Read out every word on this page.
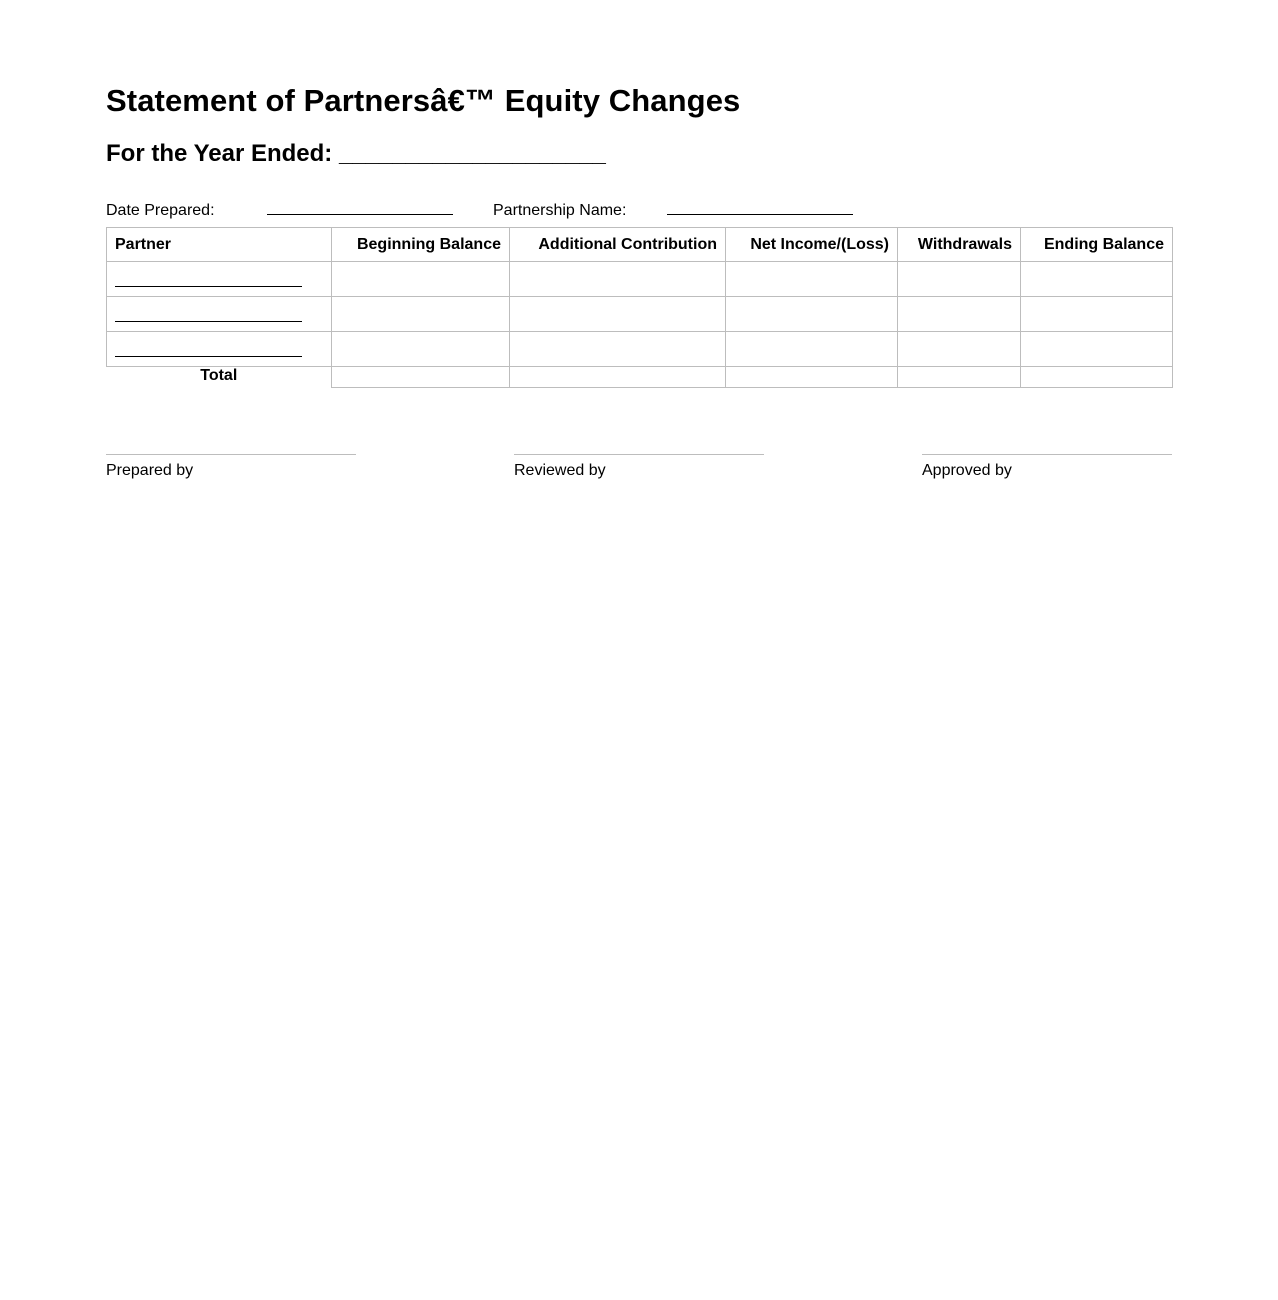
Statement of Partnersâ€™ Equity Changes
For the Year Ended: ____________________
Date Prepared:	Partnership Name:
Partner	Beginning Balance	Additional Contribution	Net Income/(Loss)	Withdrawals	Ending Balance

Total					
Prepared by	Reviewed by	Approved by
